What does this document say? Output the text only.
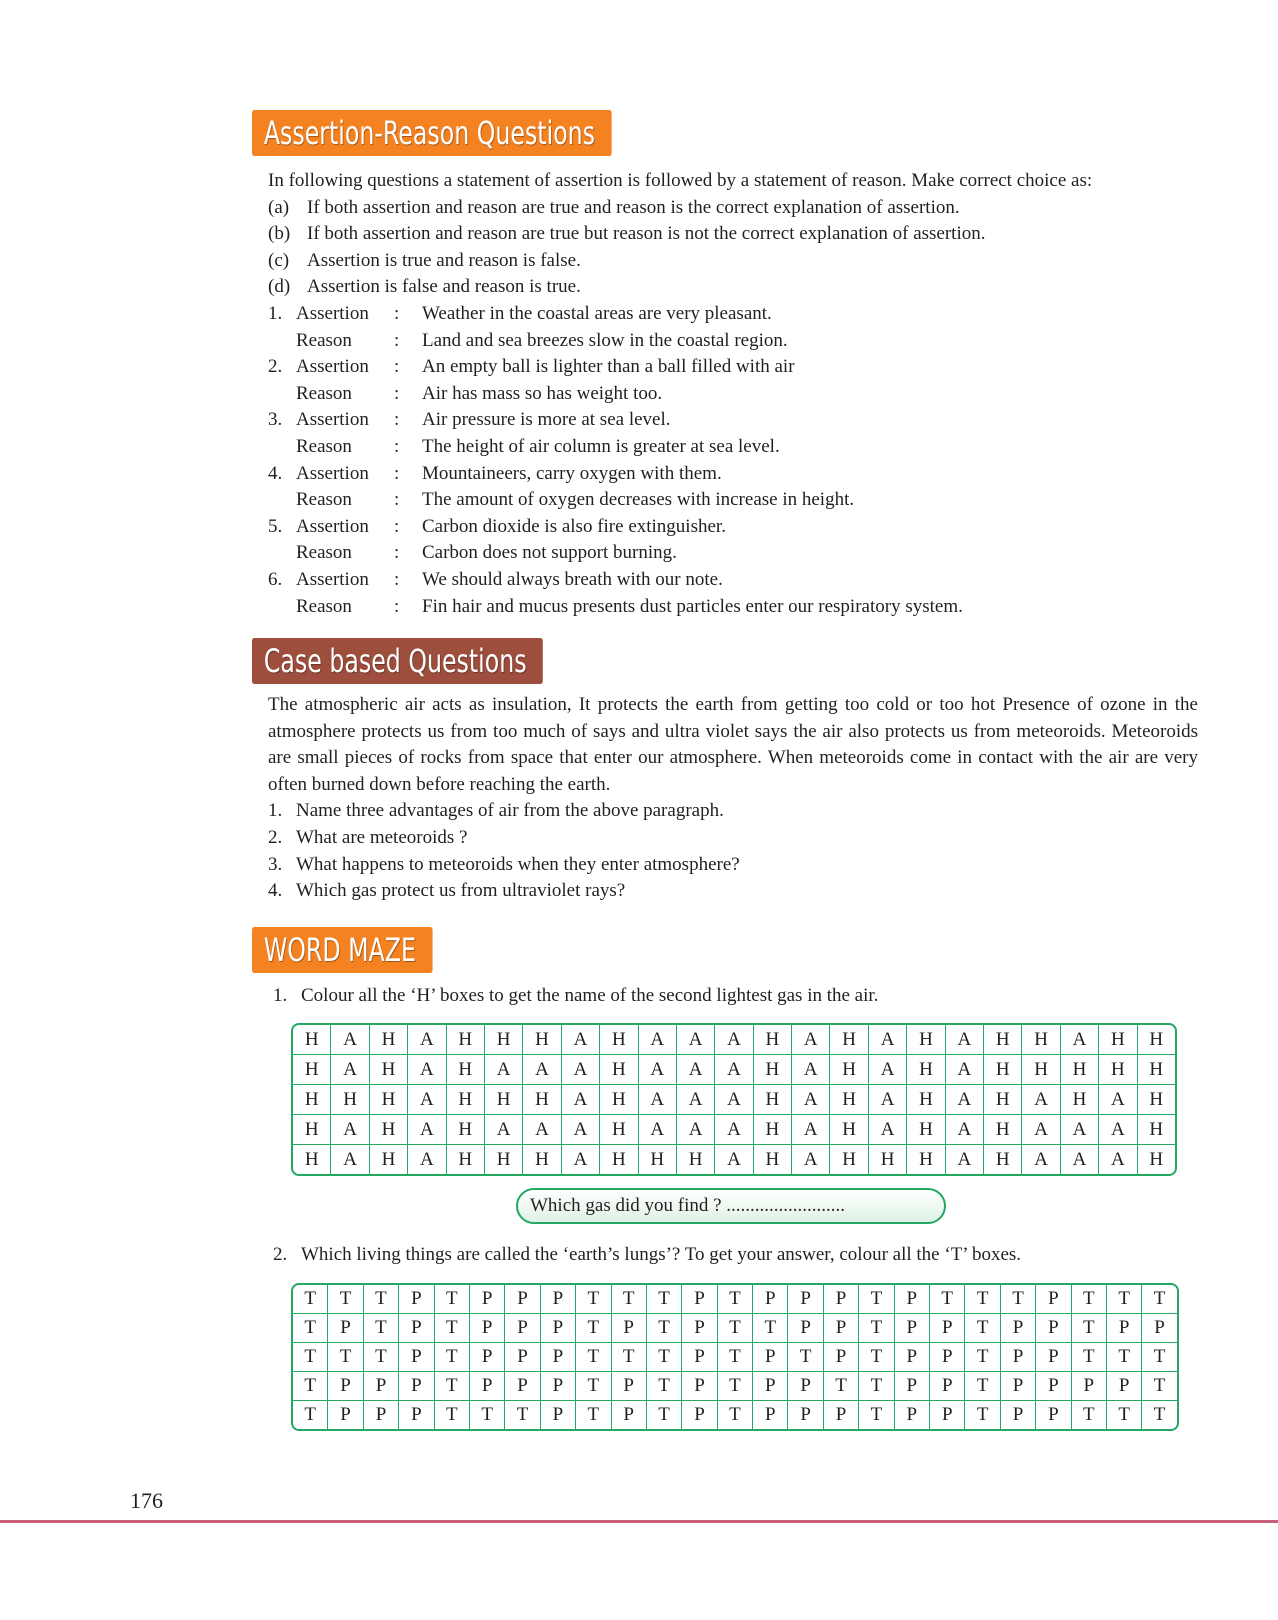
Assertion-Reason Questions
In following questions a statement of assertion is followed by a statement of reason. Make correct choice as:
(a) If both assertion and reason are true and reason is the correct explanation of assertion.
(b) If both assertion and reason are true but reason is not the correct explanation of assertion.
(c) Assertion is true and reason is false.
(d) Assertion is false and reason is true.
1. Assertion : Weather in the coastal areas are very pleasant.
Reason : Land and sea breezes slow in the coastal region.
2. Assertion : An empty ball is lighter than a ball filled with air
Reason : Air has mass so has weight too.
3. Assertion : Air pressure is more at sea level.
Reason : The height of air column is greater at sea level.
4. Assertion : Mountaineers, carry oxygen with them.
Reason : The amount of oxygen decreases with increase in height.
5. Assertion : Carbon dioxide is also fire extinguisher.
Reason : Carbon does not support burning.
6. Assertion : We should always breath with our note.
Reason : Fin hair and mucus presents dust particles enter our respiratory system.
Case based Questions
The atmospheric air acts as insulation, It protects the earth from getting too cold or too hot Presence of ozone in the atmosphere protects us from too much of says and ultra violet says the air also protects us from meteoroids. Meteoroids are small pieces of rocks from space that enter our atmosphere. When meteoroids come in contact with the air are very often burned down before reaching the earth.
1. Name three advantages of air from the above paragraph.
2. What are meteoroids ?
3. What happens to meteoroids when they enter atmosphere?
4. Which gas protect us from ultraviolet rays?
WORD MAZE
1. Colour all the ‘H’ boxes to get the name of the second lightest gas in the air.
H	A	H	A	H	H	H	A	H	A	A	A	H	A	H	A	H	A	H	H	A	H	H
H	A	H	A	H	A	A	A	H	A	A	A	H	A	H	A	H	A	H	H	H	H	H
H	H	H	A	H	H	H	A	H	A	A	A	H	A	H	A	H	A	H	A	H	A	H
H	A	H	A	H	A	A	A	H	A	A	A	H	A	H	A	H	A	H	A	A	A	H
H	A	H	A	H	H	H	A	H	H	H	A	H	A	H	H	H	A	H	A	A	A	H
Which gas did you find ? .........................
2. Which living things are called the ‘earth’s lungs’? To get your answer, colour all the ‘T’ boxes.
T	T	T	P	T	P	P	P	T	T	T	P	T	P	P	P	T	P	T	T	T	P	T	T	T
T	P	T	P	T	P	P	P	T	P	T	P	T	T	P	P	T	P	P	T	P	P	T	P	P
T	T	T	P	T	P	P	P	T	T	T	P	T	P	T	P	T	P	P	T	P	P	T	T	T
T	P	P	P	T	P	P	P	T	P	T	P	T	P	P	T	T	P	P	T	P	P	P	P	T
T	P	P	P	T	T	T	P	T	P	T	P	T	P	P	P	T	P	P	T	P	P	T	T	T
176
